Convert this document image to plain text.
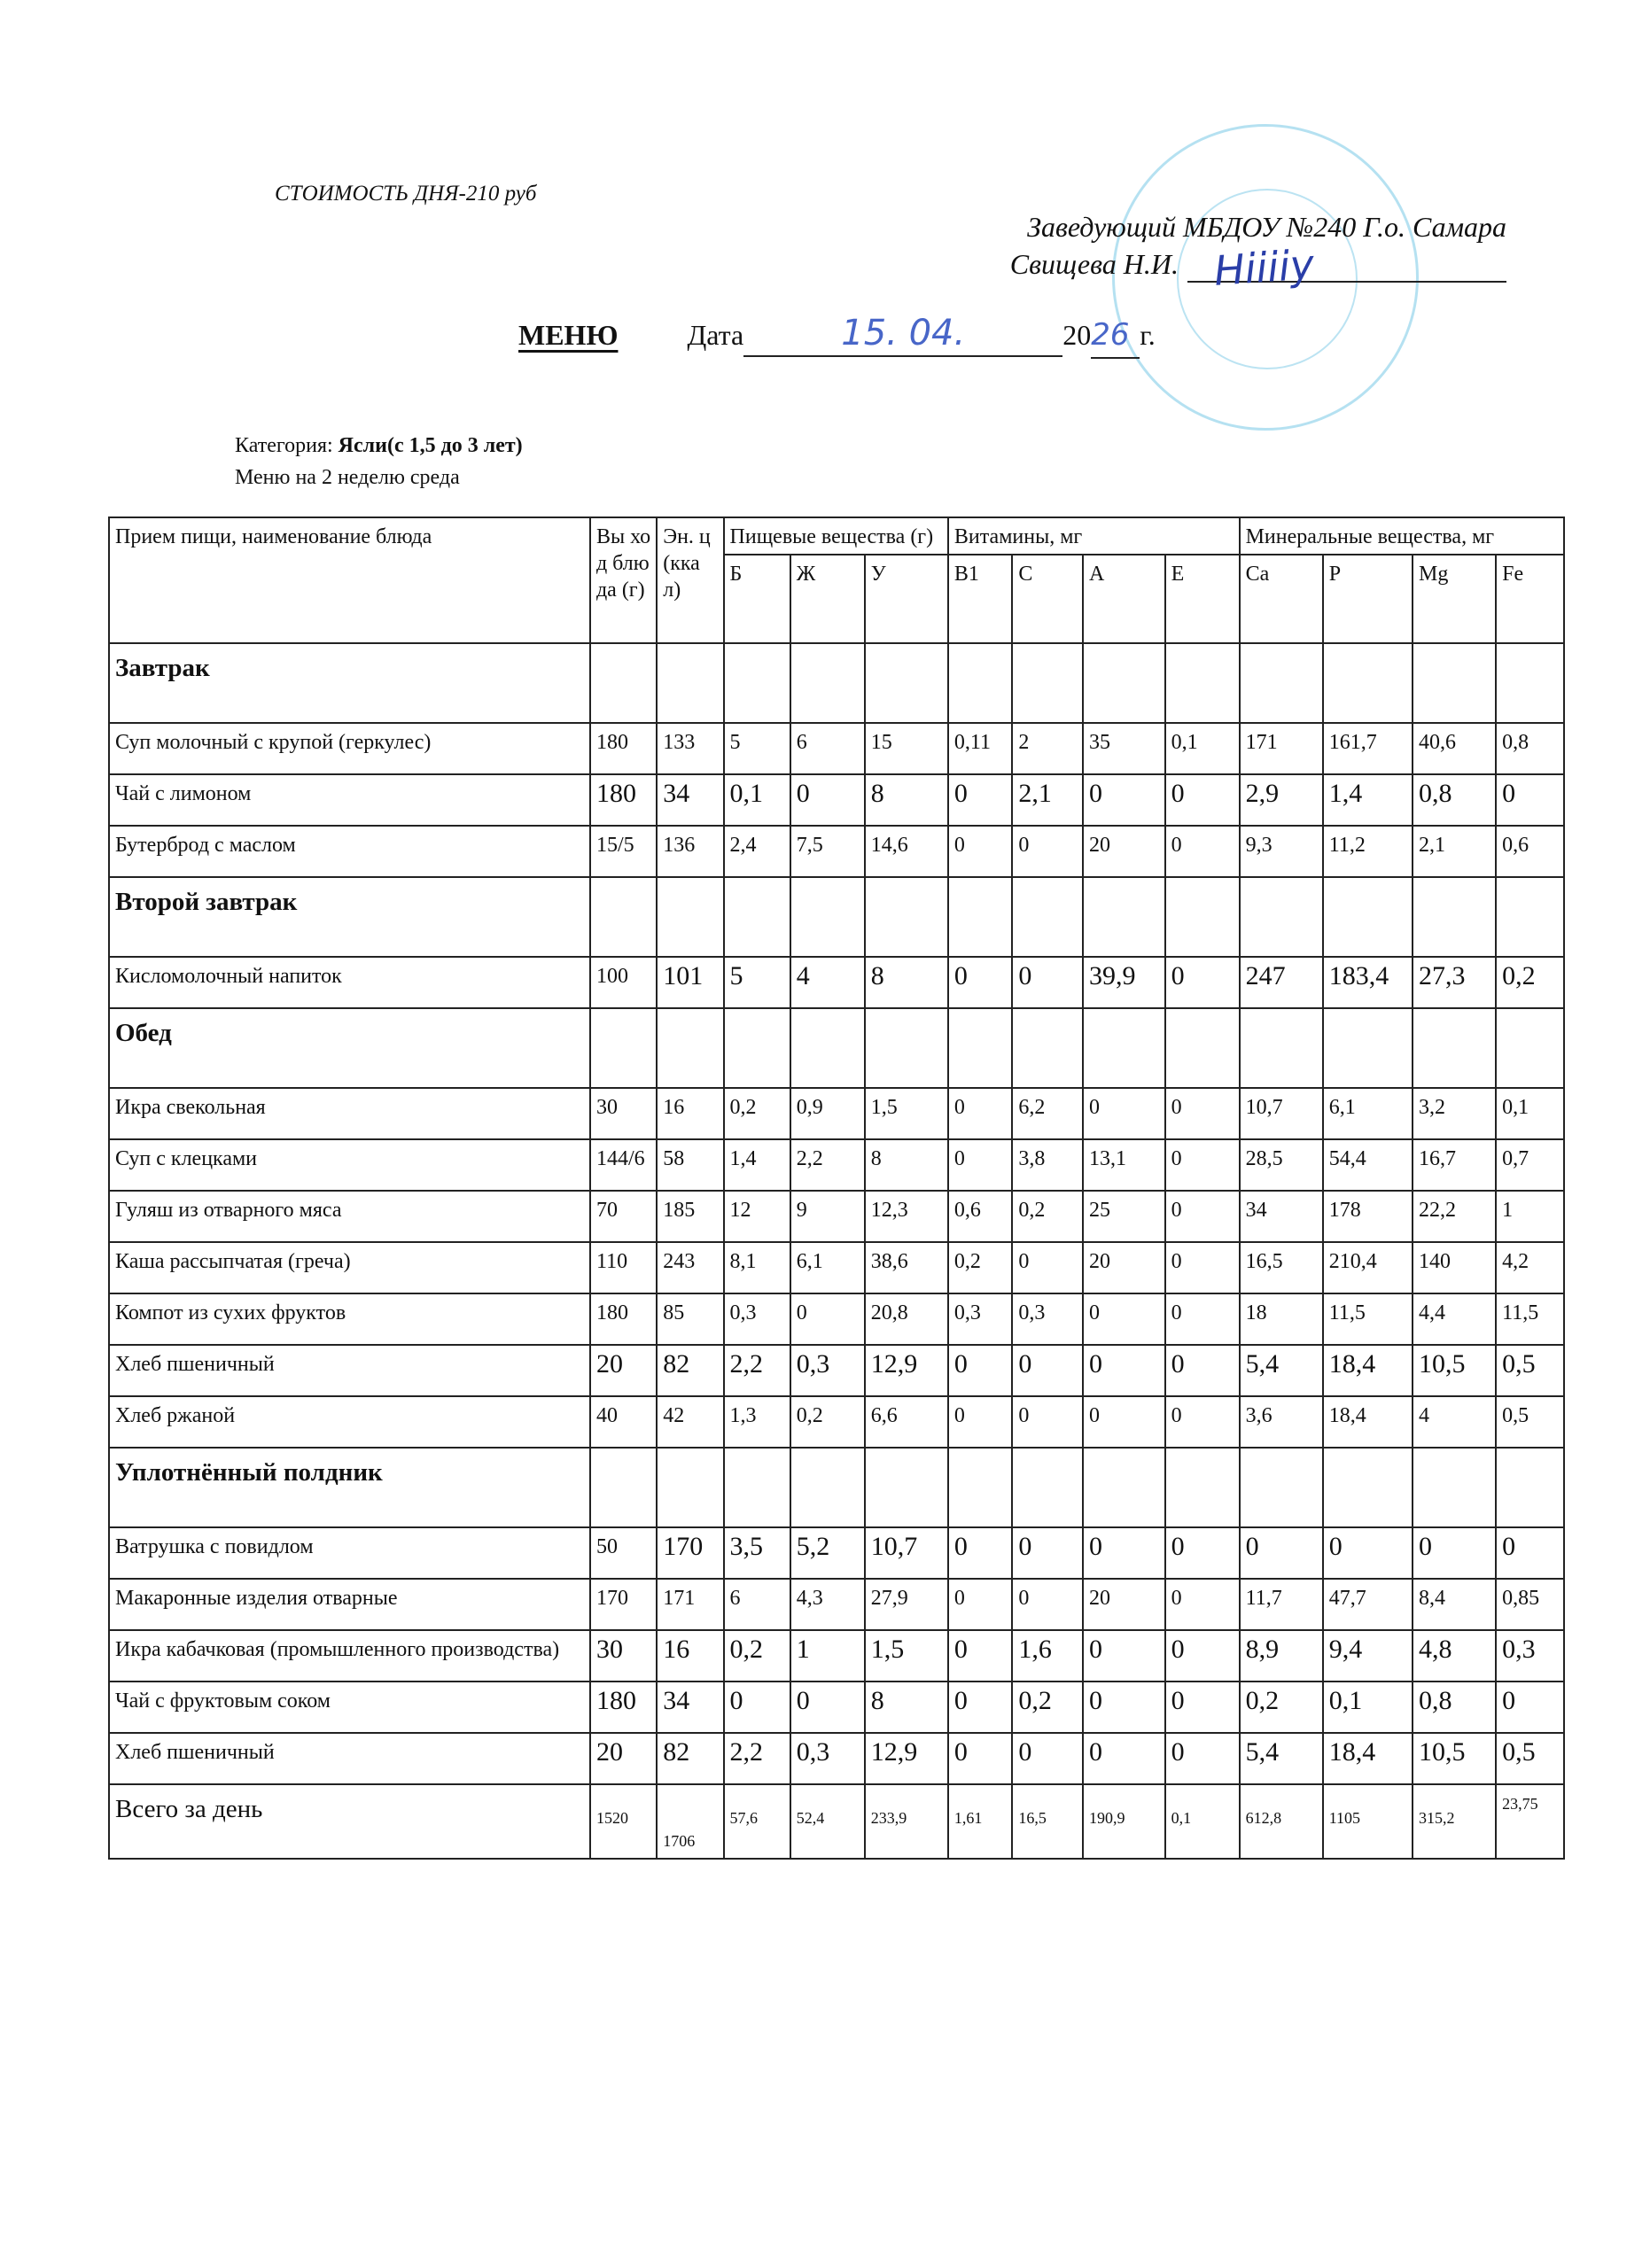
СТОИМОСТЬ ДНЯ-210 руб
Заведующий МБДОУ №240 Г.о. Самара
Свищева Н.И. Hiiiiy
МЕНЮ Дата	15. 04.	2026 г.
Категория: Ясли(с 1,5 до 3 лет)
Меню на 2 неделю среда
Прием пищи, наименование блюда	Вы ход блю да (г)	Эн. ц (кка л)	Пищевые вещества (г)			Витамины, мг				Минеральные вещества, мг			
			Б	Ж	У	B1	C	A	E	Ca	P	Mg	Fe
Завтрак													
Суп молочный с крупой (геркулес)	180	133	5	6	15	0,11	2	35	0,1	171	161,7	40,6	0,8
Чай с лимоном	180	34	0,1	0	8	0	2,1	0	0	2,9	1,4	0,8	0
Бутерброд с маслом	15/5	136	2,4	7,5	14,6	0	0	20	0	9,3	11,2	2,1	0,6
Второй завтрак													
Кисломолочный напиток	100	101	5	4	8	0	0	39,9	0	247	183,4	27,3	0,2
Обед													
Икра свекольная	30	16	0,2	0,9	1,5	0	6,2	0	0	10,7	6,1	3,2	0,1
Суп с клецками	144/6	58	1,4	2,2	8	0	3,8	13,1	0	28,5	54,4	16,7	0,7
Гуляш из отварного мяса	70	185	12	9	12,3	0,6	0,2	25	0	34	178	22,2	1
Каша рассыпчатая (греча)	110	243	8,1	6,1	38,6	0,2	0	20	0	16,5	210,4	140	4,2
Компот из сухих фруктов	180	85	0,3	0	20,8	0,3	0,3	0	0	18	11,5	4,4	11,5
Хлеб пшеничный	20	82	2,2	0,3	12,9	0	0	0	0	5,4	18,4	10,5	0,5
Хлеб ржаной	40	42	1,3	0,2	6,6	0	0	0	0	3,6	18,4	4	0,5
Уплотнённый полдник													
Ватрушка с повидлом	50	170	3,5	5,2	10,7	0	0	0	0	0	0	0	0
Макаронные изделия отварные	170	171	6	4,3	27,9	0	0	20	0	11,7	47,7	8,4	0,85
Икра кабачковая (промышленного производства)	30	16	0,2	1	1,5	0	1,6	0	0	8,9	9,4	4,8	0,3
Чай с фруктовым соком	180	34	0	0	8	0	0,2	0	0	0,2	0,1	0,8	0
Хлеб пшеничный	20	82	2,2	0,3	12,9	0	0	0	0	5,4	18,4	10,5	0,5
Всего за день	1520	1706	57,6	52,4	233,9	1,61	16,5	190,9	0,1	612,8	1105	315,2	23,75
